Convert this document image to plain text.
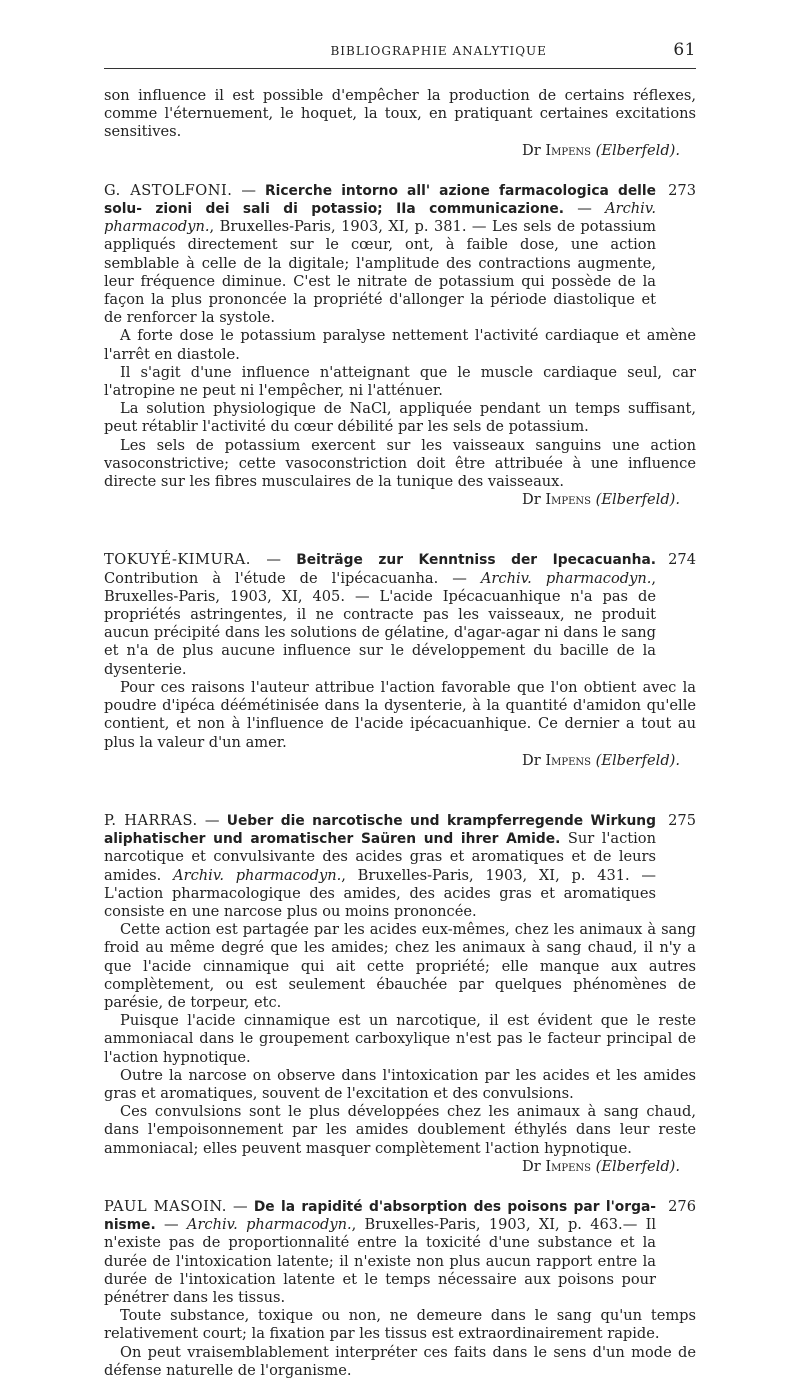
BIBLIOGRAPHIE ANALYTIQUE	61

son influence il est possible d'empêcher la production de certains réflexes, comme l'éternuement, le hoquet, la toux, en pratiquant certaines excitations sensitives.

Dr Impens (Elberfeld).

G. ASTOLFONI. — Ricerche intorno all' azione farmacologica delle solu- zioni dei sali di potassio; IIa communicazione. — Archiv. pharmacodyn., Bruxelles-Paris, 1903, XI, p. 381. — Les sels de potassium appliqués directement sur le cœur, ont, à faible dose, une action semblable à celle de la digitale; l'amplitude des contractions augmente, leur fréquence diminue. C'est le nitrate de potassium qui possède de la façon la plus prononcée la propriété d'allonger la période diastolique et de renforcer la systole.

273

A forte dose le potassium paralyse nettement l'activité cardiaque et amène l'arrêt en diastole.

Il s'agit d'une influence n'atteignant que le muscle cardiaque seul, car l'atropine ne peut ni l'empêcher, ni l'atténuer.

La solution physiologique de NaCl, appliquée pendant un temps suffisant, peut rétablir l'activité du cœur débilité par les sels de potassium.

Les sels de potassium exercent sur les vaisseaux sanguins une action vasoconstrictive; cette vasoconstriction doit être attribuée à une influence directe sur les fibres musculaires de la tunique des vaisseaux.

Dr Impens (Elberfeld).

TOKUYÉ-KIMURA. — Beiträge zur Kenntniss der Ipecacuanha. Contribution à l'étude de l'ipécacuanha. — Archiv. pharmacodyn., Bruxelles-Paris, 1903, XI, 405. — L'acide Ipécacuanhique n'a pas de propriétés astringentes, il ne contracte pas les vaisseaux, ne produit aucun précipité dans les solutions de gélatine, d'agar-agar ni dans le sang et n'a de plus aucune influence sur le développement du bacille de la dysenterie.

274

Pour ces raisons l'auteur attribue l'action favorable que l'on obtient avec la poudre d'ipéca déémétinisée dans la dysenterie, à la quantité d'amidon qu'elle contient, et non à l'influence de l'acide ipécacuanhique. Ce dernier a tout au plus la valeur d'un amer.

Dr Impens (Elberfeld).

P. HARRAS. — Ueber die narcotische und krampferregende Wirkung aliphatischer und aromatischer Saüren und ihrer Amide. Sur l'action narcotique et convulsivante des acides gras et aromatiques et de leurs amides. Archiv. pharmacodyn., Bruxelles-Paris, 1903, XI, p. 431. — L'action pharmacologique des amides, des acides gras et aromatiques consiste en une narcose plus ou moins prononcée.

275

Cette action est partagée par les acides eux-mêmes, chez les animaux à sang froid au même degré que les amides; chez les animaux à sang chaud, il n'y a que l'acide cinnamique qui ait cette propriété; elle manque aux autres complètement, ou est seulement ébauchée par quelques phénomènes de parésie, de torpeur, etc.

Puisque l'acide cinnamique est un narcotique, il est évident que le reste ammoniacal dans le groupement carboxylique n'est pas le facteur principal de l'action hypnotique.

Outre la narcose on observe dans l'intoxication par les acides et les amides gras et aromatiques, souvent de l'excitation et des convulsions.

Ces convulsions sont le plus développées chez les animaux à sang chaud, dans l'empoisonnement par les amides doublement éthylés dans leur reste ammoniacal; elles peuvent masquer complètement l'action hypnotique.

Dr Impens (Elberfeld).

PAUL MASOIN. — De la rapidité d'absorption des poisons par l'orga- nisme. — Archiv. pharmacodyn., Bruxelles-Paris, 1903, XI, p. 463.— Il n'existe pas de proportionnalité entre la toxicité d'une substance et la durée de l'intoxication latente; il n'existe non plus aucun rapport entre la durée de l'intoxication latente et le temps nécessaire aux poisons pour pénétrer dans les tissus.

276

Toute substance, toxique ou non, ne demeure dans le sang qu'un temps relativement court; la fixation par les tissus est extraordinairement rapide.

On peut vraisemblablement interpréter ces faits dans le sens d'un mode de défense naturelle de l'organisme.
